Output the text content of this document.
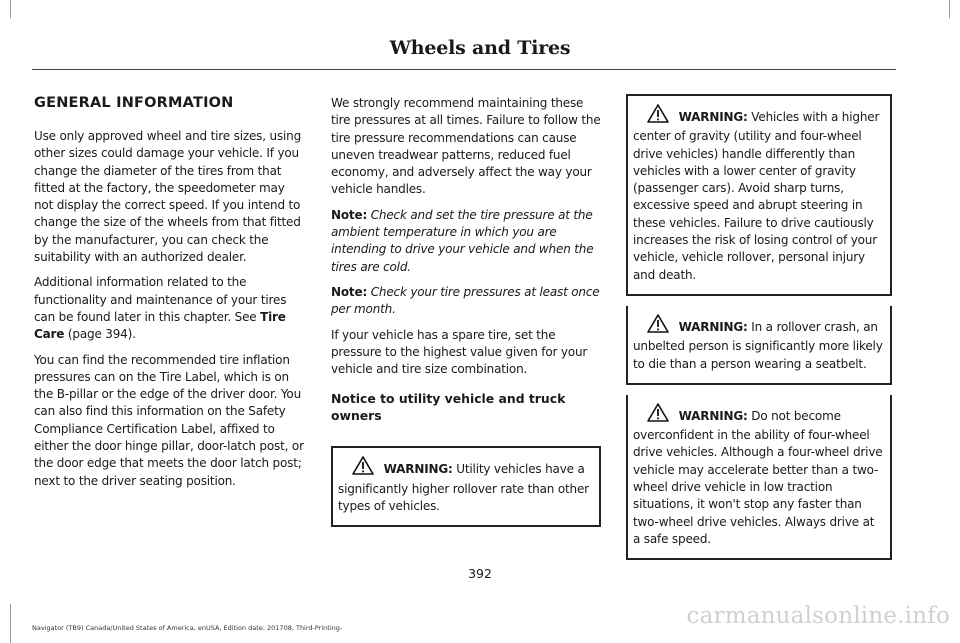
Wheels and Tires
GENERAL INFORMATION

Use only approved wheel and tire sizes, using other sizes could damage your vehicle. If you change the diameter of the tires from that fitted at the factory, the speedometer may not display the correct speed. If you intend to change the size of the wheels from that fitted by the manufacturer, you can check the suitability with an authorized dealer.

Additional information related to the functionality and maintenance of your tires can be found later in this chapter. See Tire Care (page 394).

You can find the recommended tire inflation pressures can on the Tire Label, which is on the B-pillar or the edge of the driver door. You can also find this information on the Safety Compliance Certification Label, affixed to either the door hinge pillar, door-latch post, or the door edge that meets the door latch post; next to the driver seating position.

We strongly recommend maintaining these tire pressures at all times. Failure to follow the tire pressure recommendations can cause uneven treadwear patterns, reduced fuel economy, and adversely affect the way your vehicle handles.

Note: Check and set the tire pressure at the ambient temperature in which you are intending to drive your vehicle and when the tires are cold.

Note: Check your tire pressures at least once per month.

If your vehicle has a spare tire, set the pressure to the highest value given for your vehicle and tire size combination.

Notice to utility vehicle and truck owners
WARNING: Utility vehicles have a significantly higher rollover rate than other types of vehicles.
WARNING: Vehicles with a higher center of gravity (utility and four-wheel drive vehicles) handle differently than vehicles with a lower center of gravity (passenger cars). Avoid sharp turns, excessive speed and abrupt steering in these vehicles. Failure to drive cautiously increases the risk of losing control of your vehicle, vehicle rollover, personal injury and death.
WARNING: In a rollover crash, an unbelted person is significantly more likely to die than a person wearing a seatbelt.
WARNING: Do not become overconfident in the ability of four-wheel drive vehicles. Although a four-wheel drive vehicle may accelerate better than a two-wheel drive vehicle in low traction situations, it won't stop any faster than two-wheel drive vehicles. Always drive at a safe speed.
392
Navigator (TB9) Canada/United States of America, enUSA, Edition date: 201708, Third-Printing-	carmanualsonline.info
